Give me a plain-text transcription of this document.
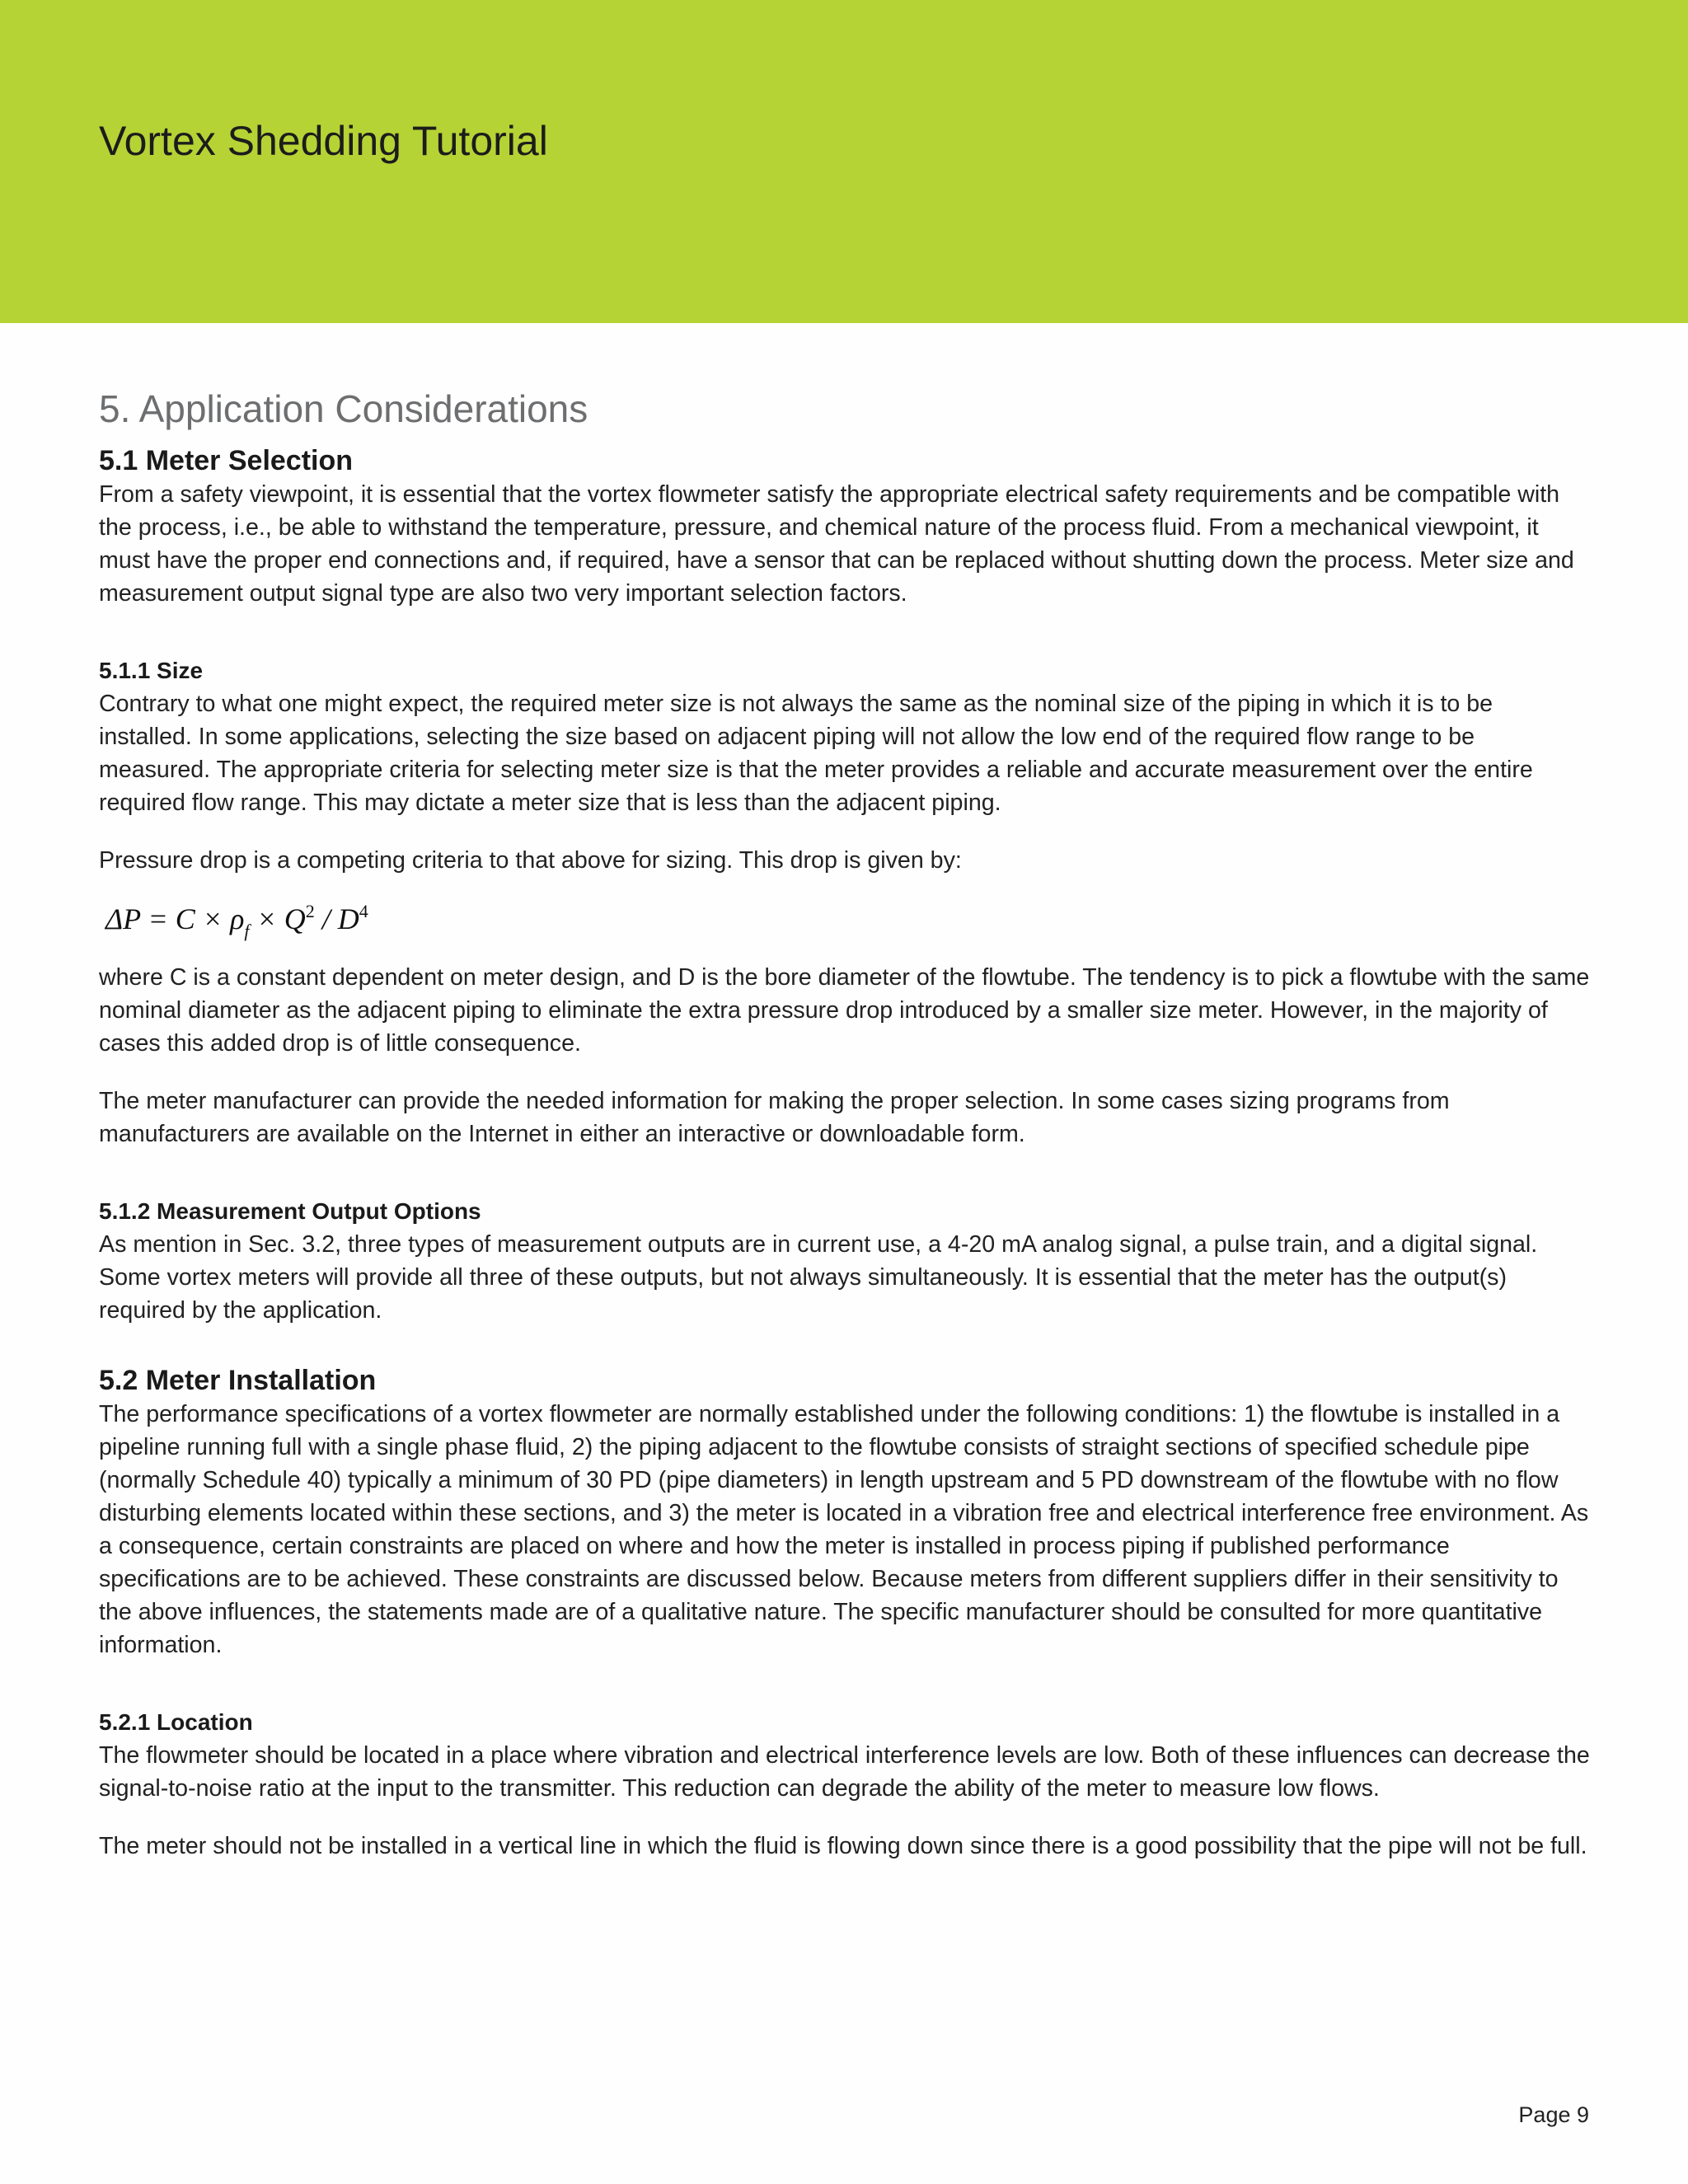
Vortex Shedding Tutorial
5. Application Considerations
5.1 Meter Selection

From a safety viewpoint, it is essential that the vortex flowmeter satisfy the appropriate electrical safety requirements and be compatible with the process, i.e., be able to withstand the temperature, pressure, and chemical nature of the process fluid. From a mechanical viewpoint, it must have the proper end connections and, if required, have a sensor that can be replaced without shutting down the process. Meter size and measurement output signal type are also two very important selection factors.

5.1.1 Size

Contrary to what one might expect, the required meter size is not always the same as the nominal size of the piping in which it is to be installed. In some applications, selecting the size based on adjacent piping will not allow the low end of the required flow range to be measured. The appropriate criteria for selecting meter size is that the meter provides a reliable and accurate measurement over the entire required flow range. This may dictate a meter size that is less than the adjacent piping.

Pressure drop is a competing criteria to that above for sizing. This drop is given by:

$\Delta P = C \times \rho_f \times Q^2 / D^4$

where C is a constant dependent on meter design, and D is the bore diameter of the flowtube. The tendency is to pick a flowtube with the same nominal diameter as the adjacent piping to eliminate the extra pressure drop introduced by a smaller size meter. However, in the majority of cases this added drop is of little consequence.

The meter manufacturer can provide the needed information for making the proper selection. In some cases sizing programs from manufacturers are available on the Internet in either an interactive or downloadable form.

5.1.2 Measurement Output Options

As mention in Sec. 3.2, three types of measurement outputs are in current use, a 4-20 mA analog signal, a pulse train, and a digital signal. Some vortex meters will provide all three of these outputs, but not always simultaneously. It is essential that the meter has the output(s) required by the application.

5.2 Meter Installation

The performance specifications of a vortex flowmeter are normally established under the following conditions: 1) the flowtube is installed in a pipeline running full with a single phase fluid, 2) the piping adjacent to the flowtube consists of straight sections of specified schedule pipe (normally Schedule 40) typically a minimum of 30 PD (pipe diameters) in length upstream and 5 PD downstream of the flowtube with no flow disturbing elements located within these sections, and 3) the meter is located in a vibration free and electrical interference free environment. As a consequence, certain constraints are placed on where and how the meter is installed in process piping if published performance specifications are to be achieved. These constraints are discussed below. Because meters from different suppliers differ in their sensitivity to the above influences, the statements made are of a qualitative nature. The specific manufacturer should be consulted for more quantitative information.

5.2.1 Location

The flowmeter should be located in a place where vibration and electrical interference levels are low. Both of these influences can decrease the signal-to-noise ratio at the input to the transmitter. This reduction can degrade the ability of the meter to measure low flows.

The meter should not be installed in a vertical line in which the fluid is flowing down since there is a good possibility that the pipe will not be full.

Page 9
